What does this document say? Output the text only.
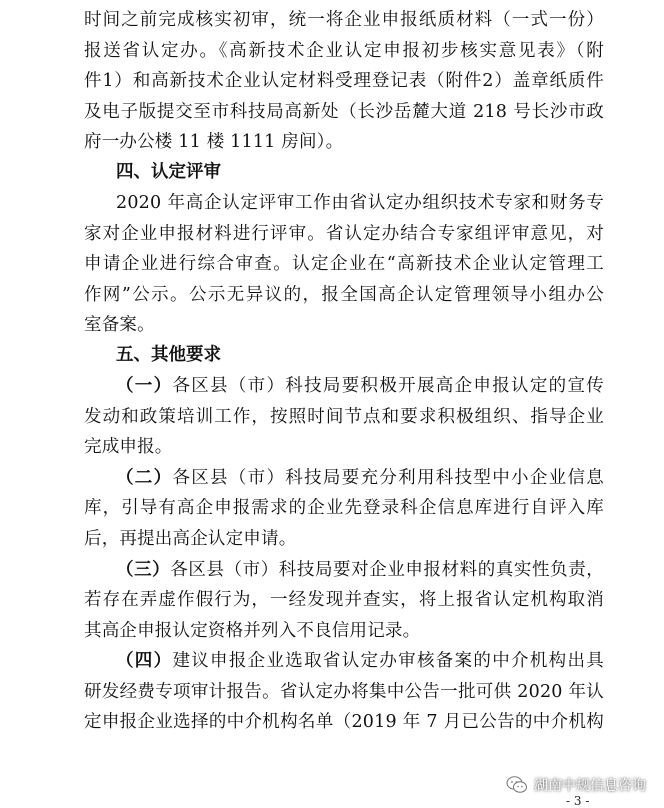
时间之前完成核实初审，统一将企业申报纸质材料（一式一份）
报送省认定办。《高新技术企业认定申报初步核实意见表》（附
件1）和高新技术企业认定材料受理登记表（附件2）盖章纸质件
及电子版提交至市科技局高新处（长沙岳麓大道 218 号长沙市政
府一办公楼 11 楼 1111 房间）。
四、认定评审
2020 年高企认定评审工作由省认定办组织技术专家和财务专
家对企业申报材料进行评审。省认定办结合专家组评审意见，对
申请企业进行综合审查。认定企业在“高新技术企业认定管理工
作网”公示。公示无异议的，报全国高企认定管理领导小组办公
室备案。
五、其他要求
（一）各区县（市）科技局要积极开展高企申报认定的宣传
发动和政策培训工作，按照时间节点和要求积极组织、指导企业
完成申报。
（二）各区县（市）科技局要充分利用科技型中小企业信息
库，引导有高企申报需求的企业先登录科企信息库进行自评入库
后，再提出高企认定申请。
（三）各区县（市）科技局要对企业申报材料的真实性负责，
若存在弄虚作假行为，一经发现并查实，将上报省认定机构取消
其高企申报认定资格并列入不良信用记录。
（四）建议申报企业选取省认定办审核备案的中介机构出具
研发经费专项审计报告。省认定办将集中公告一批可供 2020 年认
定申报企业选择的中介机构名单（2019 年 7 月已公告的中介机构
- 3 -
湖南中规信息咨询
